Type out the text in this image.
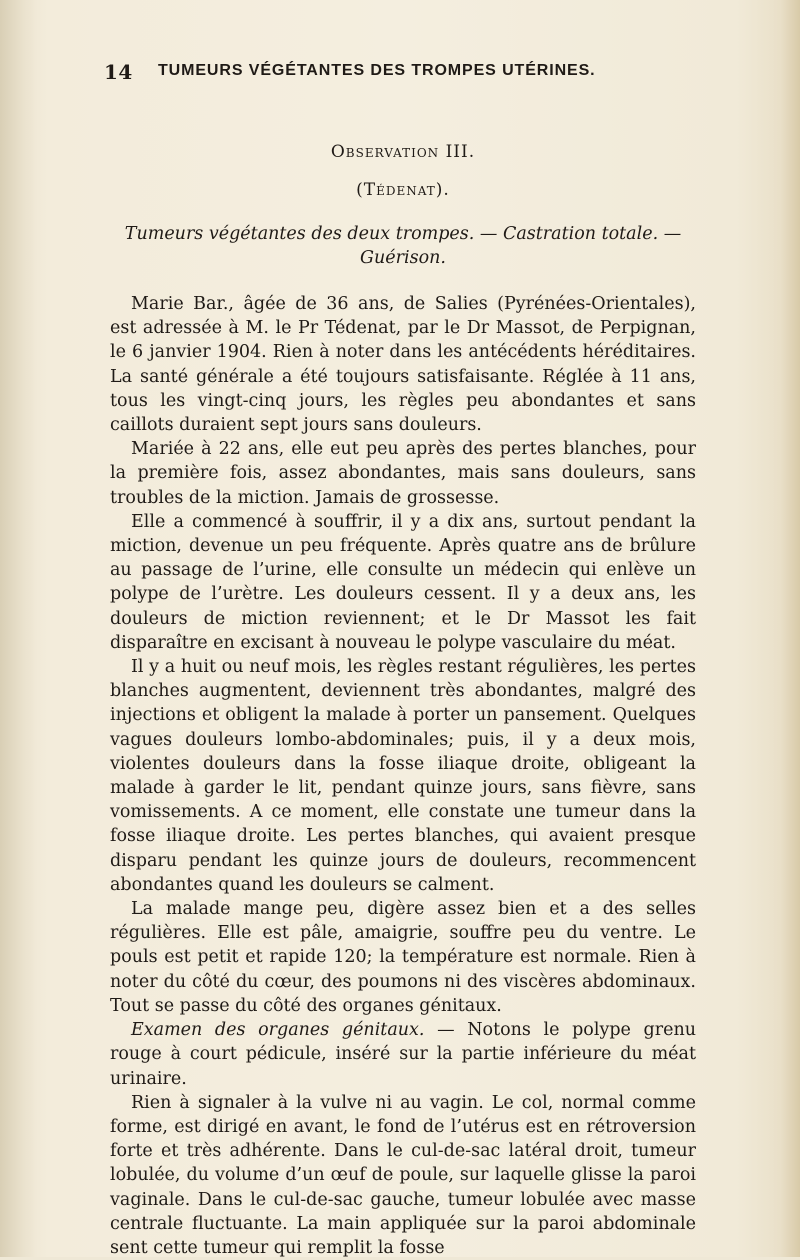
14 TUMEURS VÉGÉTANTES DES TROMPES UTÉRINES.
Observation III.
(Tédenat).
Tumeurs végétantes des deux trompes. — Castration totale. — Guérison.

Marie Bar., âgée de 36 ans, de Salies (Pyrénées-Orientales), est adressée à M. le Pr Tédenat, par le Dr Massot, de Perpignan, le 6 janvier 1904. Rien à noter dans les antécédents héréditaires. La santé générale a été toujours satisfaisante. Réglée à 11 ans, tous les vingt-cinq jours, les règles peu abondantes et sans caillots duraient sept jours sans douleurs.

Mariée à 22 ans, elle eut peu après des pertes blanches, pour la première fois, assez abondantes, mais sans douleurs, sans troubles de la miction. Jamais de grossesse.

Elle a commencé à souffrir, il y a dix ans, surtout pendant la miction, devenue un peu fréquente. Après quatre ans de brûlure au passage de l’urine, elle consulte un médecin qui enlève un polype de l’urètre. Les douleurs cessent. Il y a deux ans, les douleurs de miction reviennent; et le Dr Massot les fait disparaître en excisant à nouveau le polype vasculaire du méat.

Il y a huit ou neuf mois, les règles restant régulières, les pertes blanches augmentent, deviennent très abondantes, malgré des injections et obligent la malade à porter un pansement. Quelques vagues douleurs lombo-abdominales; puis, il y a deux mois, violentes douleurs dans la fosse iliaque droite, obligeant la malade à garder le lit, pendant quinze jours, sans fièvre, sans vomissements. A ce moment, elle constate une tumeur dans la fosse iliaque droite. Les pertes blanches, qui avaient presque disparu pendant les quinze jours de douleurs, recommencent abondantes quand les douleurs se calment.

La malade mange peu, digère assez bien et a des selles régulières. Elle est pâle, amaigrie, souffre peu du ventre. Le pouls est petit et rapide 120; la température est normale. Rien à noter du côté du cœur, des poumons ni des viscères abdominaux. Tout se passe du côté des organes génitaux.

Examen des organes génitaux. — Notons le polype grenu rouge à court pédicule, inséré sur la partie inférieure du méat urinaire.

Rien à signaler à la vulve ni au vagin. Le col, normal comme forme, est dirigé en avant, le fond de l’utérus est en rétroversion forte et très adhérente. Dans le cul-de-sac latéral droit, tumeur lobulée, du volume d’un œuf de poule, sur laquelle glisse la paroi vaginale. Dans le cul-de-sac gauche, tumeur lobulée avec masse centrale fluctuante. La main appliquée sur la paroi abdominale sent cette tumeur qui remplit la fosse
